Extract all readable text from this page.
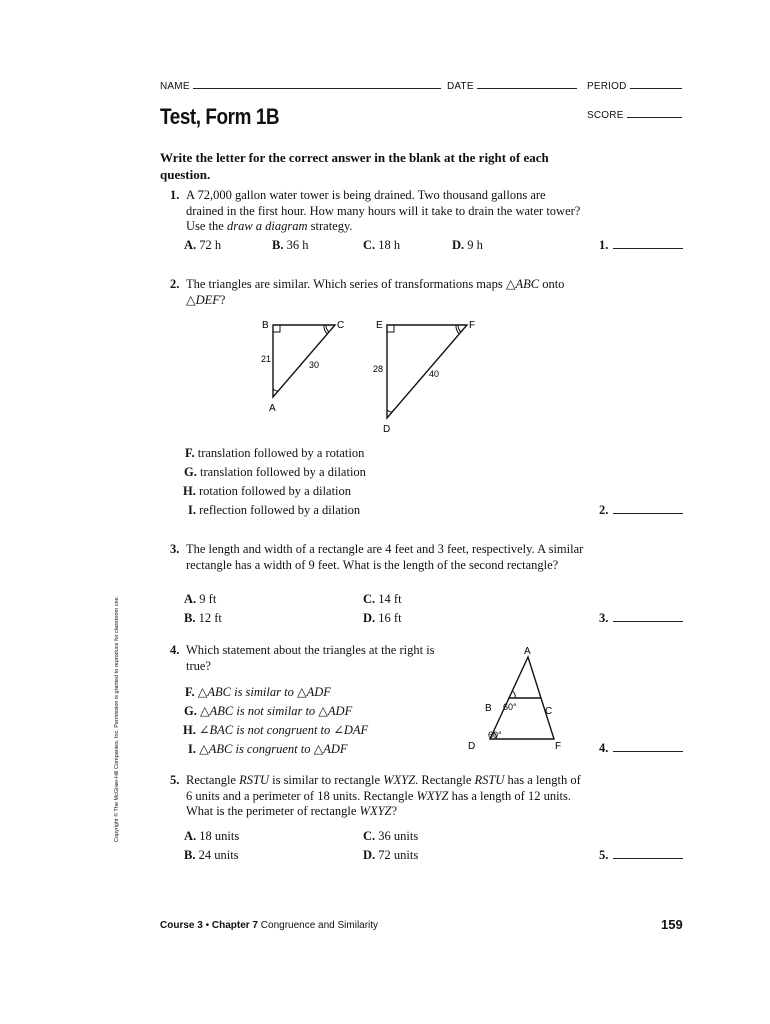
NAME	DATE	PERIOD
SCORE
Test, Form 1B
Write the letter for the correct answer in the blank at the right of each question.
1. A 72,000 gallon water tower is being drained. Two thousand gallons are drained in the first hour. How many hours will it take to drain the water tower? Use the draw a diagram strategy.
A. 72 h	B. 36 h	C. 18 h	D. 9 h	1.
2. The triangles are similar. Which series of transformations maps △ABC onto △DEF?
B	C
A
21
30
E	F
D
28	40
F. translation followed by a rotation
G. translation followed by a dilation
H. rotation followed by a dilation
I. reflection followed by a dilation	2.
3. The length and width of a rectangle are 4 feet and 3 feet, respectively. A similar rectangle has a width of 9 feet. What is the length of the second rectangle?
A. 9 ft
B. 12 ft
C. 14 ft
D. 16 ft	3.
4. Which statement about the triangles at the right is true?
F. △ABC is similar to △ADF
G. △ABC is not similar to △ADF
H. ∠BAC is not congruent to ∠DAF
I. △ABC is congruent to △ADF
A
B	C
D	F
60°
60°
4.
5. Rectangle RSTU is similar to rectangle WXYZ. Rectangle RSTU has a length of 6 units and a perimeter of 18 units. Rectangle WXYZ has a length of 12 units. What is the perimeter of rectangle WXYZ?
A. 18 units
B. 24 units
C. 36 units
D. 72 units	5.
Copyright © The McGraw-Hill Companies, Inc. Permission is granted to reproduce for classroom use.
Course 3 • Chapter 7 Congruence and Similarity	159
